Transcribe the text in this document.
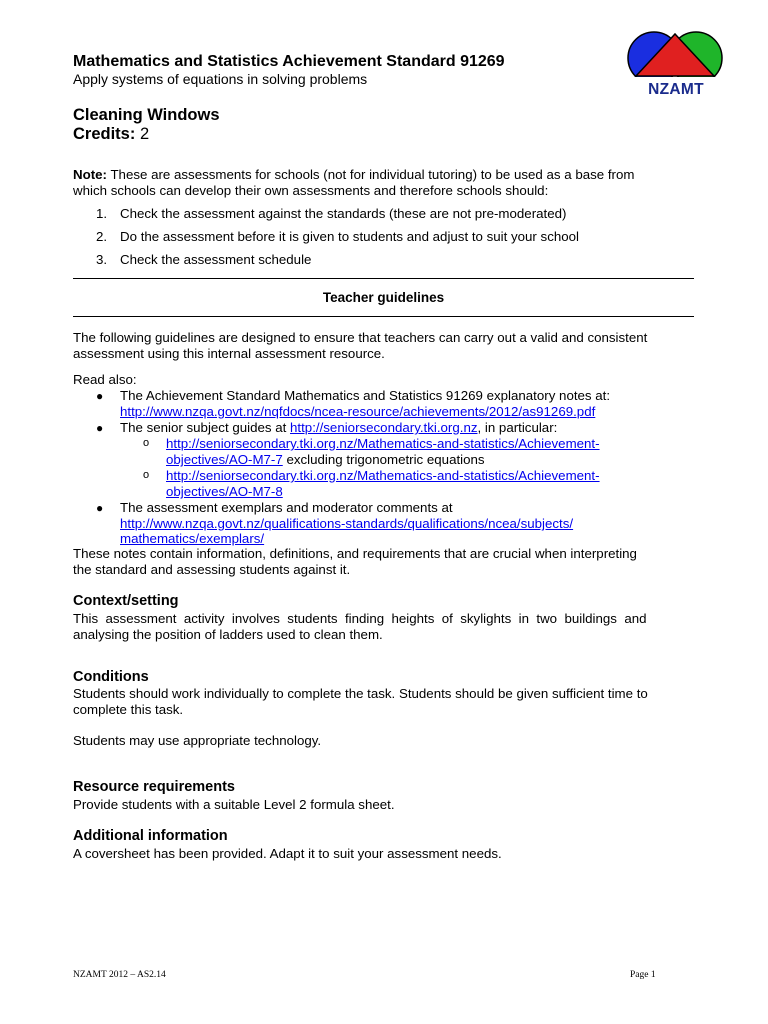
NZAMT
Mathematics and Statistics Achievement Standard 91269
Apply systems of equations in solving problems
Cleaning Windows
Credits: 2
Note: These are assessments for schools (not for individual tutoring) to be used as a base from
which schools can develop their own assessments and therefore schools should:
1. Check the assessment against the standards (these are not pre-moderated)
2. Do the assessment before it is given to students and adjust to suit your school
3. Check the assessment schedule
Teacher guidelines
The following guidelines are designed to ensure that teachers can carry out a valid and consistent
assessment using this internal assessment resource.
Read also:
● The Achievement Standard Mathematics and Statistics 91269 explanatory notes at:
http://www.nzqa.govt.nz/nqfdocs/ncea-resource/achievements/2012/as91269.pdf
● The senior subject guides at http://seniorsecondary.tki.org.nz, in particular:
o http://seniorsecondary.tki.org.nz/Mathematics-and-statistics/Achievement-
objectives/AO-M7-7 excluding trigonometric equations
o http://seniorsecondary.tki.org.nz/Mathematics-and-statistics/Achievement-
objectives/AO-M7-8
● The assessment exemplars and moderator comments at
http://www.nzqa.govt.nz/qualifications-standards/qualifications/ncea/subjects/
mathematics/exemplars/
These notes contain information, definitions, and requirements that are crucial when interpreting
the standard and assessing students against it.
Context/setting
This  assessment  activity  involves  students  finding  heights  of  skylights  in  two  buildings  and
analysing the position of ladders used to clean them.
Conditions
Students should work individually to complete the task. Students should be given sufficient time to
complete this task.
Students may use appropriate technology.
Resource requirements
Provide students with a suitable Level 2 formula sheet.
Additional information
A coversheet has been provided. Adapt it to suit your assessment needs.
NZAMT 2012 – AS2.14	Page 1
